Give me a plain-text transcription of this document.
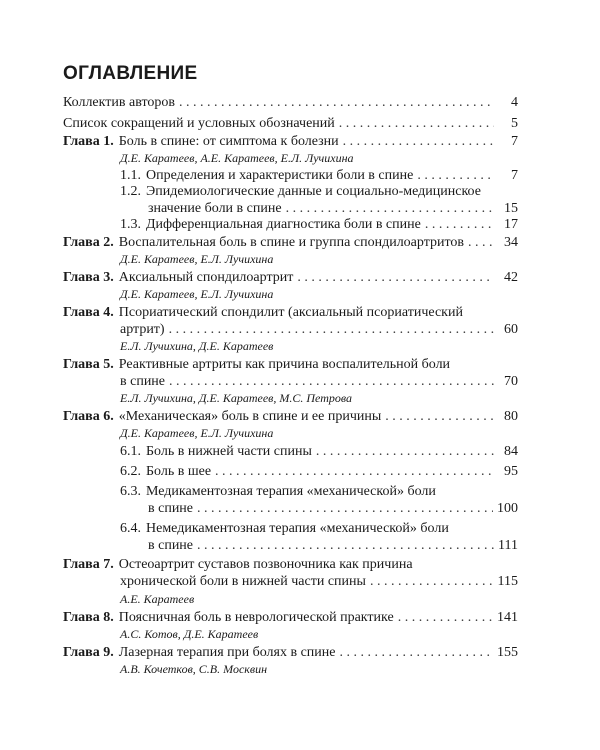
ОГЛАВЛЕНИЕ
Коллектив авторов . . .	4
Список сокращений и условных обозначений . . .	5
Глава 1. Боль в спине: от симптома к болезни . . .	7
Д.Е. Каратеев, А.Е. Каратеев, Е.Л. Лучихина
1.1. Определения и характеристики боли в спине . . .	7
1.2. Эпидемиологические данные и социально-медицинское
значение боли в спине . . .	15
1.3. Дифференциальная диагностика боли в спине . . .	17
Глава 2. Воспалительная боль в спине и группа спондилоартритов . . .	34
Д.Е. Каратеев, Е.Л. Лучихина
Глава 3. Аксиальный спондилоартрит . . .	42
Д.Е. Каратеев, Е.Л. Лучихина
Глава 4. Псориатический спондилит (аксиальный псориатический
артрит) . . .	60
Е.Л. Лучихина, Д.Е. Каратеев
Глава 5. Реактивные артриты как причина воспалительной боли
в спине . . .	70
Е.Л. Лучихина, Д.Е. Каратеев, М.С. Петрова
Глава 6. «Механическая» боль в спине и ее причины . . .	80
Д.Е. Каратеев, Е.Л. Лучихина
6.1. Боль в нижней части спины . . .	84
6.2. Боль в шее . . .	95
6.3. Медикаментозная терапия «механической» боли
в спине . . .	100
6.4. Немедикаментозная терапия «механической» боли
в спине . . .	111
Глава 7. Остеоартрит суставов позвоночника как причина
хронической боли в нижней части спины . . .	115
А.Е. Каратеев
Глава 8. Поясничная боль в неврологической практике . . .	141
А.С. Котов, Д.Е. Каратеев
Глава 9. Лазерная терапия при болях в спине . . .	155
А.В. Кочетков, С.В. Москвин
